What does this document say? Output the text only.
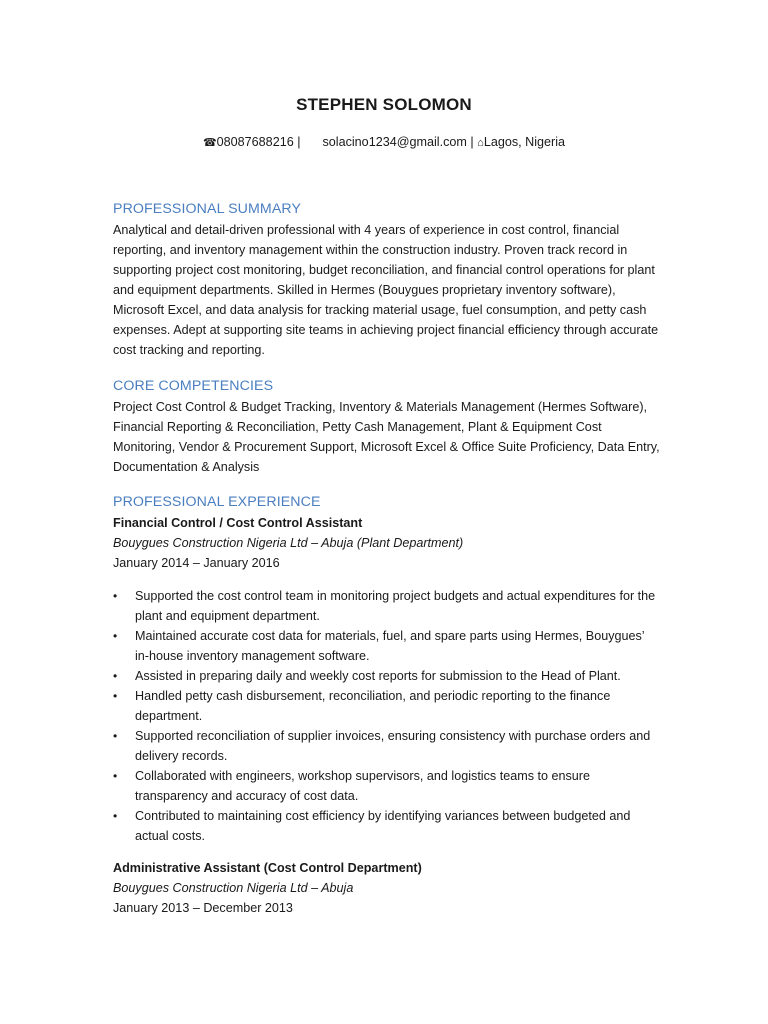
STEPHEN SOLOMON
☎08087688216 | solacino1234@gmail.com | ⌂Lagos, Nigeria
PROFESSIONAL SUMMARY

Analytical and detail-driven professional with 4 years of experience in cost control, financial reporting, and inventory management within the construction industry. Proven track record in supporting project cost monitoring, budget reconciliation, and financial control operations for plant and equipment departments. Skilled in Hermes (Bouygues proprietary inventory software), Microsoft Excel, and data analysis for tracking material usage, fuel consumption, and petty cash expenses. Adept at supporting site teams in achieving project financial efficiency through accurate cost tracking and reporting.

CORE COMPETENCIES

Project Cost Control & Budget Tracking, Inventory & Materials Management (Hermes Software), Financial Reporting & Reconciliation, Petty Cash Management, Plant & Equipment Cost Monitoring, Vendor & Procurement Support, Microsoft Excel & Office Suite Proficiency, Data Entry, Documentation & Analysis

PROFESSIONAL EXPERIENCE

Financial Control / Cost Control Assistant

Bouygues Construction Nigeria Ltd – Abuja (Plant Department)

January 2014 – January 2016

• Supported the cost control team in monitoring project budgets and actual expenditures for the plant and equipment department.
• Maintained accurate cost data for materials, fuel, and spare parts using Hermes, Bouygues’ in-house inventory management software.
• Assisted in preparing daily and weekly cost reports for submission to the Head of Plant.
• Handled petty cash disbursement, reconciliation, and periodic reporting to the finance department.
• Supported reconciliation of supplier invoices, ensuring consistency with purchase orders and delivery records.
• Collaborated with engineers, workshop supervisors, and logistics teams to ensure transparency and accuracy of cost data.
• Contributed to maintaining cost efficiency by identifying variances between budgeted and actual costs.

Administrative Assistant (Cost Control Department)

Bouygues Construction Nigeria Ltd – Abuja

January 2013 – December 2013
